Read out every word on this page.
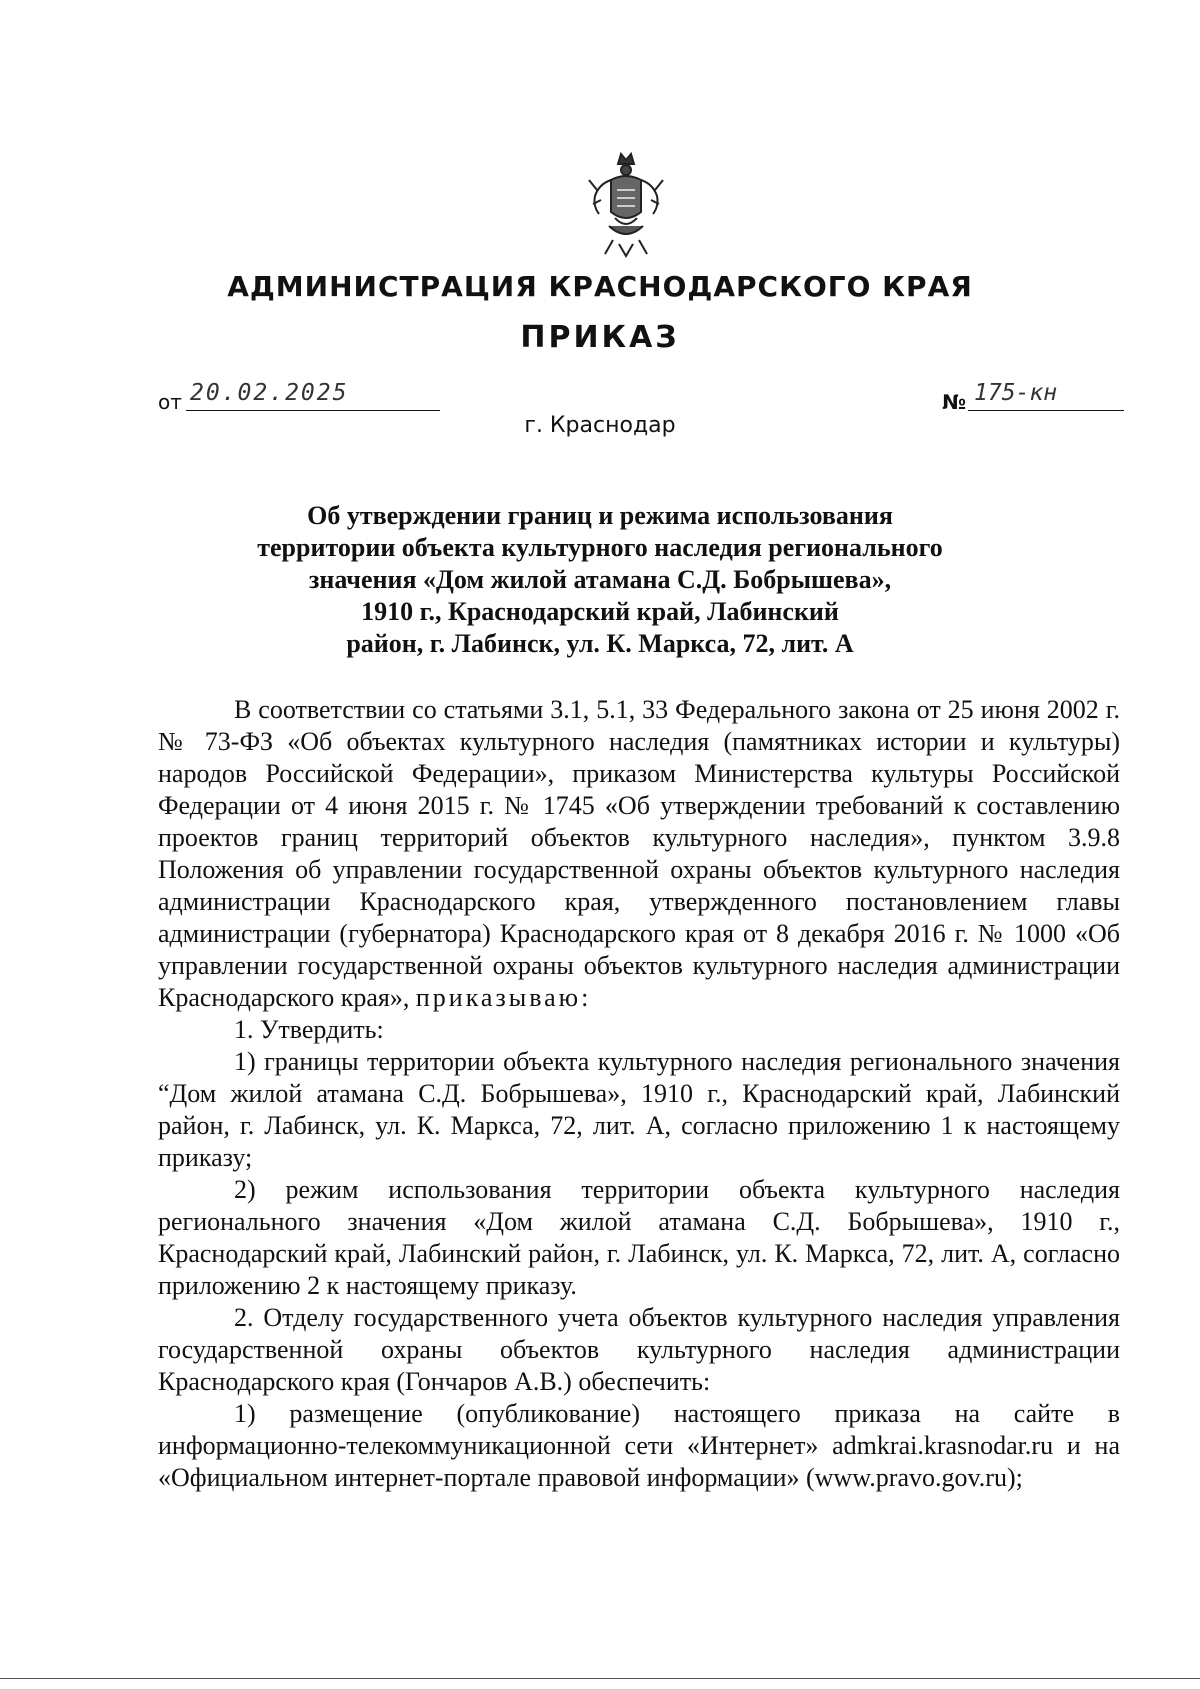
АДМИНИСТРАЦИЯ КРАСНОДАРСКОГО КРАЯ
ПРИКАЗ
от 20.02.2025	№ 175-кн
г. Краснодар
Об утверждении границ и режима использования
территории объекта культурного наследия регионального
значения «Дом жилой атамана С.Д. Бобрышева»,
1910 г., Краснодарский край, Лабинский
район, г. Лабинск, ул. К. Маркса, 72, лит. А

В соответствии со статьями 3.1, 5.1, 33 Федерального закона от 25 июня 2002 г. № 73-ФЗ «Об объектах культурного наследия (памятниках истории и культуры) народов Российской Федерации», приказом Министерства культуры Российской Федерации от 4 июня 2015 г. № 1745 «Об утверждении требований к составлению проектов границ территорий объектов культурного наследия», пунктом 3.9.8 Положения об управлении государственной охраны объектов культурного наследия администрации Краснодарского края, утвержденного постановлением главы администрации (губернатора) Краснодарского края от 8 декабря 2016 г. № 1000 «Об управлении государственной охраны объектов культурного наследия администрации Краснодарского края», приказываю:

1. Утвердить:

1) границы территории объекта культурного наследия регионального значения “Дом жилой атамана С.Д. Бобрышева», 1910 г., Краснодарский край, Лабинский район, г. Лабинск, ул. К. Маркса, 72, лит. А, согласно приложению 1 к настоящему приказу;

2) режим использования территории объекта культурного наследия регионального значения «Дом жилой атамана С.Д. Бобрышева», 1910 г., Краснодарский край, Лабинский район, г. Лабинск, ул. К. Маркса, 72, лит. А, согласно приложению 2 к настоящему приказу.

2. Отделу государственного учета объектов культурного наследия управления государственной охраны объектов культурного наследия администрации Краснодарского края (Гончаров А.В.) обеспечить:

1) размещение (опубликование) настоящего приказа на сайте в информационно-телекоммуникационной сети «Интернет» admkrai.krasnodar.ru и на «Официальном интернет-портале правовой информации» (www.pravo.gov.ru);
